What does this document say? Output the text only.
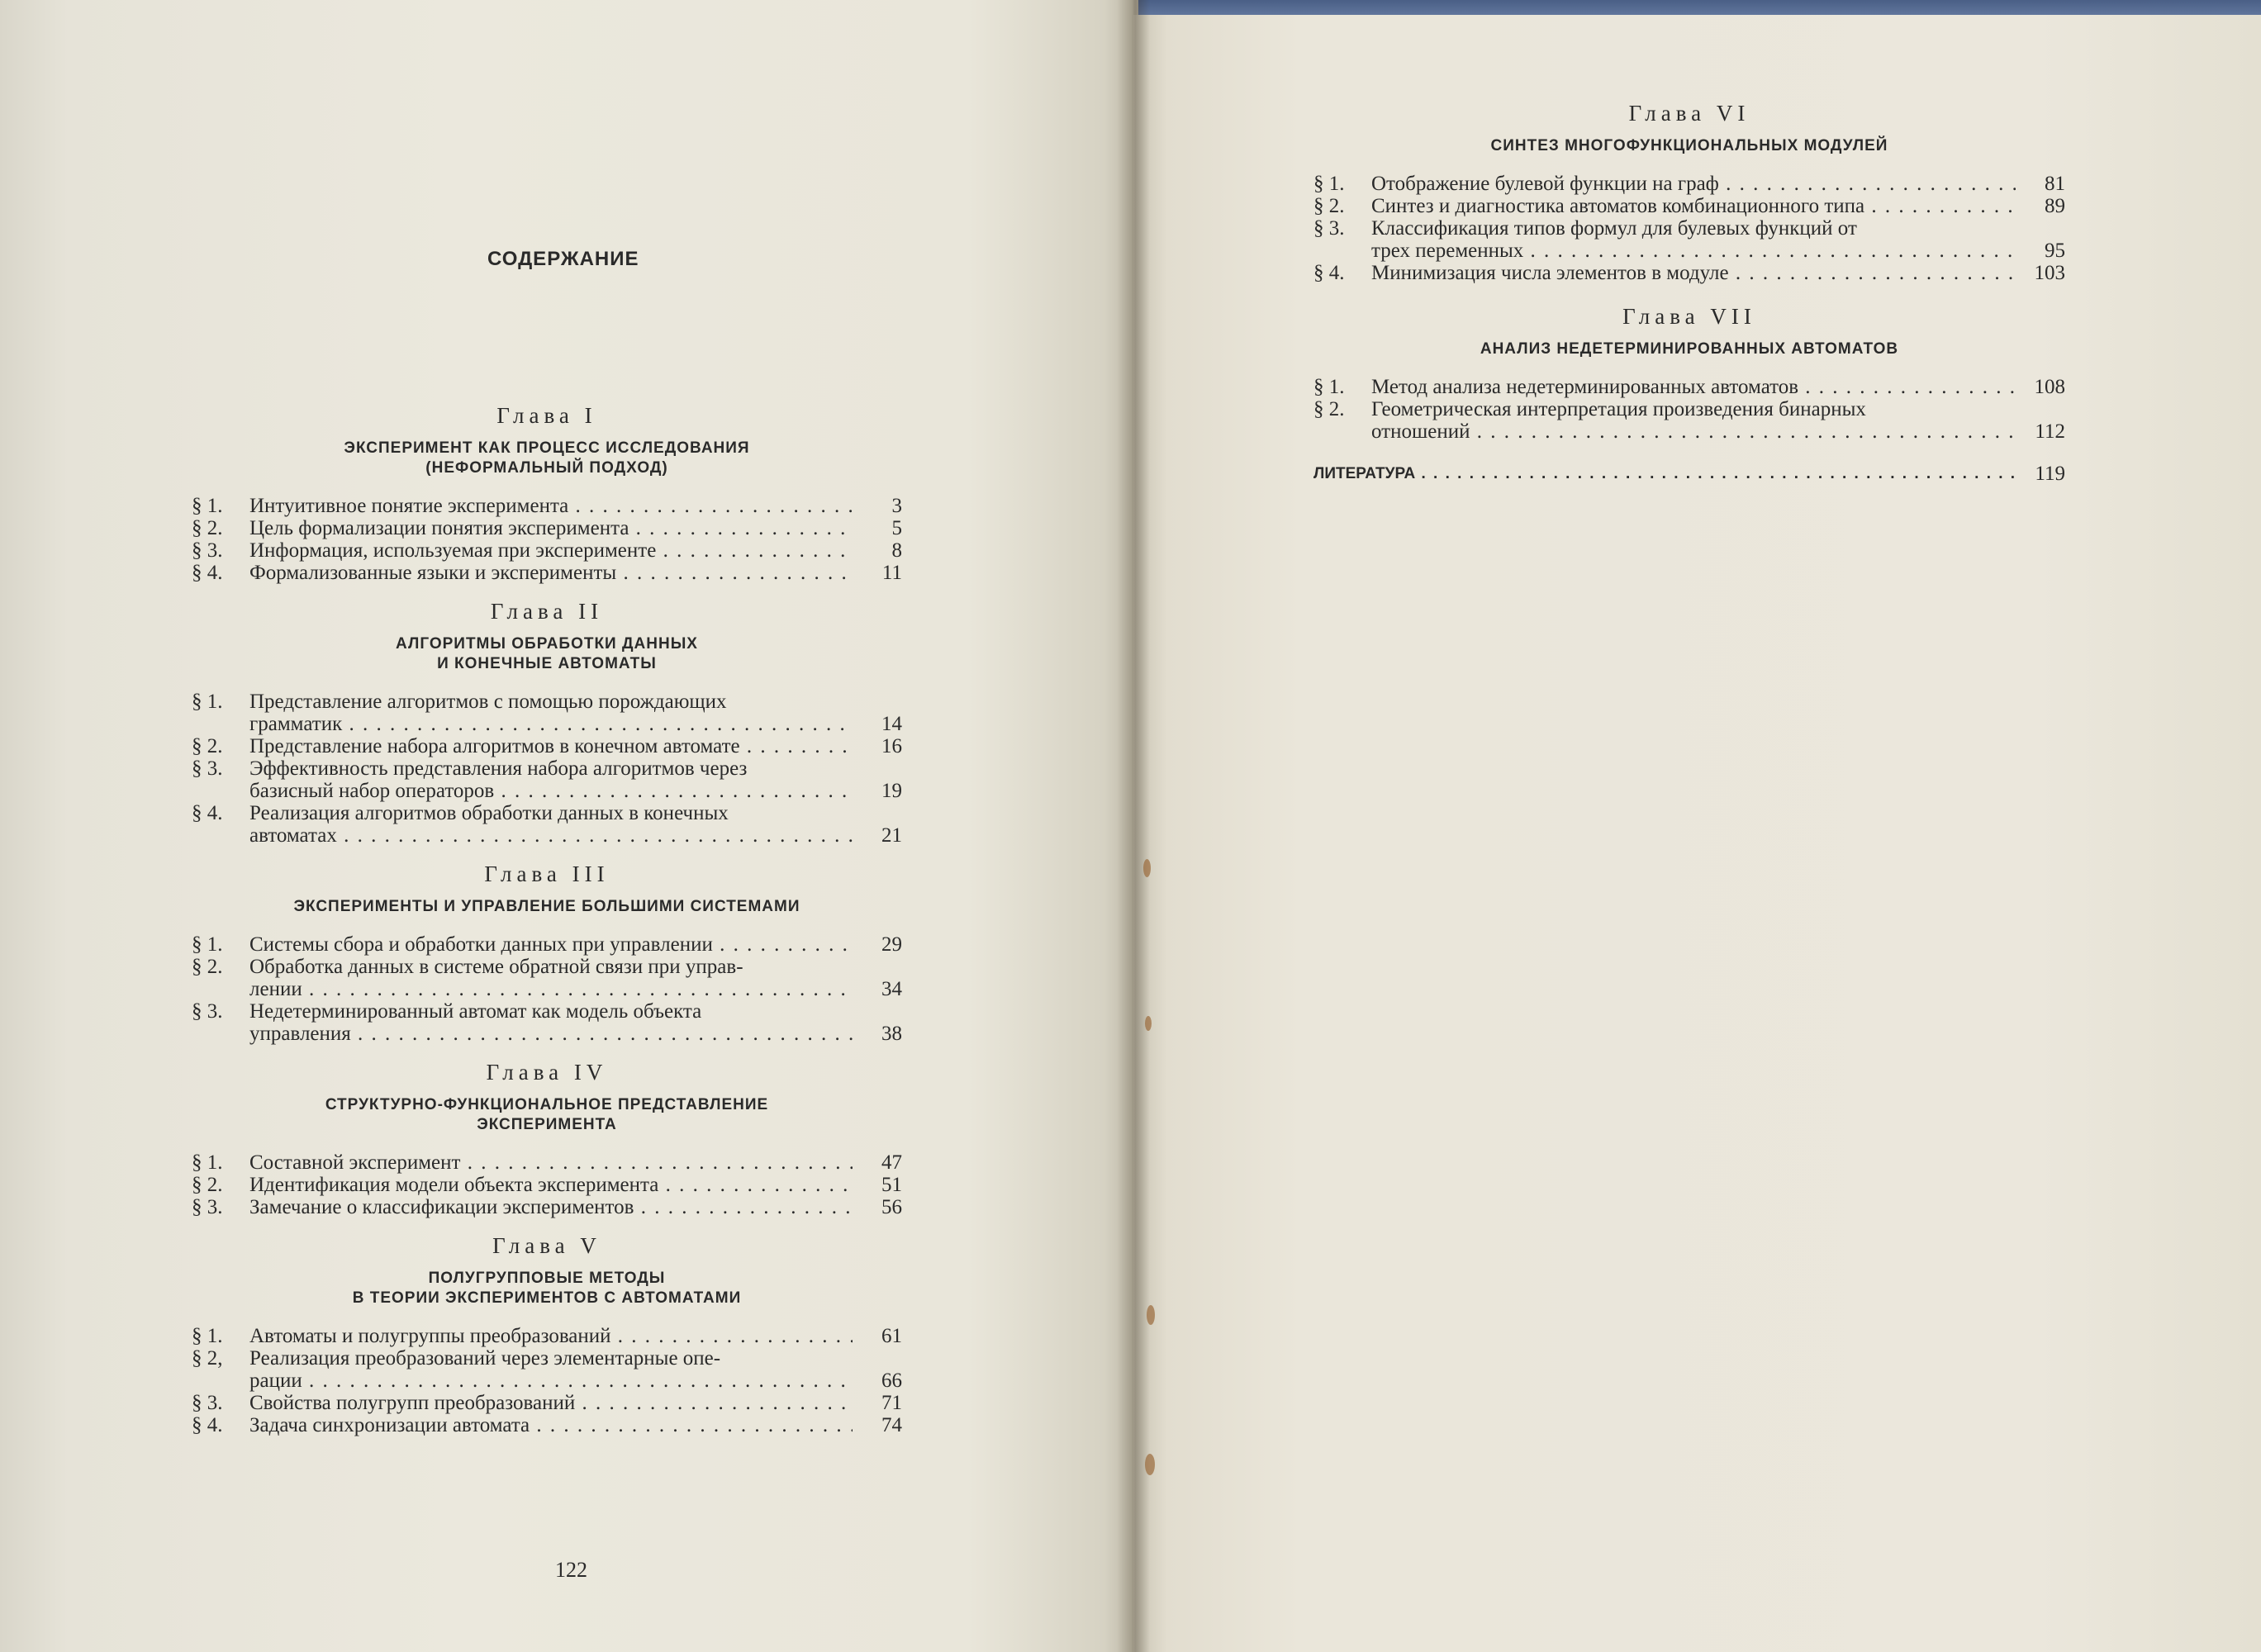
СОДЕРЖАНИЕ
Глава I
ЭКСПЕРИМЕНТ КАК ПРОЦЕСС ИССЛЕДОВАНИЯ
(НЕФОРМАЛЬНЫЙ ПОДХОД)
§ 1.	Интуитивное понятие эксперимента . . .	3
§ 2.	Цель формализации понятия эксперимента . . .	5
§ 3.	Информация, используемая при эксперименте . . .	8
§ 4.	Формализованные языки и эксперименты . . .	11
Глава II
АЛГОРИТМЫ ОБРАБОТКИ ДАННЫХ
И КОНЕЧНЫЕ АВТОМАТЫ
§ 1.	Представление алгоритмов с помощью порождающих
грамматик . . .	14
§ 2.	Представление набора алгоритмов в конечном автомате . . .	16
§ 3.	Эффективность представления набора алгоритмов через
базисный набор операторов . . .	19
§ 4.	Реализация алгоритмов обработки данных в конечных
автоматах . . .	21
Глава III
ЭКСПЕРИМЕНТЫ И УПРАВЛЕНИЕ БОЛЬШИМИ СИСТЕМАМИ
§ 1.	Системы сбора и обработки данных при управлении . . .	29
§ 2.	Обработка данных в системе обратной связи при управ-
лении . . .	34
§ 3.	Недетерминированный автомат как модель объекта
управления . . .	38
Глава IV
СТРУКТУРНО-ФУНКЦИОНАЛЬНОЕ ПРЕДСТАВЛЕНИЕ
ЭКСПЕРИМЕНТА
§ 1.	Составной эксперимент . . .	47
§ 2.	Идентификация модели объекта эксперимента . . .	51
§ 3.	Замечание о классификации экспериментов . . .	56
Глава V
ПОЛУГРУППОВЫЕ МЕТОДЫ
В ТЕОРИИ ЭКСПЕРИМЕНТОВ С АВТОМАТАМИ
§ 1.	Автоматы и полугруппы преобразований . . .	61
§ 2,	Реализация преобразований через элементарные опе-
рации . . .	66
§ 3.	Свойства полугрупп преобразований . . .	71
§ 4.	Задача синхронизации автомата . . .	74
122
Глава VI
СИНТЕЗ МНОГОФУНКЦИОНАЛЬНЫХ МОДУЛЕЙ
§ 1.	Отображение булевой функции на граф . . .	81
§ 2.	Синтез и диагностика автоматов комбинационного типа . . .	89
§ 3.	Классификация типов формул для булевых функций от
трех переменных . . .	95
§ 4.	Минимизация числа элементов в модуле . . .	103
Глава VII
АНАЛИЗ НЕДЕТЕРМИНИРОВАННЫХ АВТОМАТОВ
§ 1.	Метод анализа недетерминированных автоматов . . .	108
§ 2.	Геометрическая интерпретация произведения бинарных
отношений . . .	112
ЛИТЕРАТУРА . . .	119
